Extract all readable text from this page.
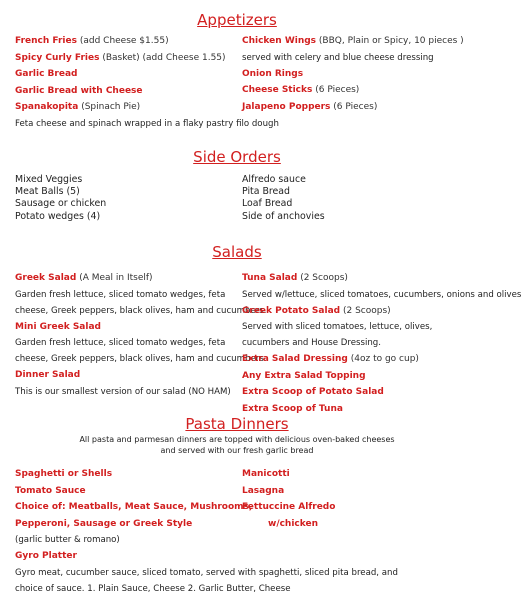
Appetizers
French Fries (add Cheese $1.55)
Spicy Curly Fries (Basket) (add Cheese 1.55)
Garlic Bread
Garlic Bread with Cheese
Spanakopita (Spinach Pie)
Feta cheese and spinach wrapped in a flaky pastry filo dough
Chicken Wings (BBQ, Plain or Spicy, 10 pieces )
served with celery and blue cheese dressing
Onion Rings
Cheese Sticks (6 Pieces)
Jalapeno Poppers (6 Pieces)
Side Orders
Mixed Veggies
Meat Balls (5)
Sausage or chicken
Potato wedges (4)
Alfredo sauce
Pita Bread
Loaf Bread
Side of anchovies
Salads
Greek Salad (A Meal in Itself)
Garden fresh lettuce, sliced tomato wedges, feta
cheese, Greek peppers, black olives, ham and cucumbers.
Mini Greek Salad
Garden fresh lettuce, sliced tomato wedges, feta
cheese, Greek peppers, black olives, ham and cucumbers.
Dinner Salad
This is our smallest version of our salad (NO HAM)
Tuna Salad (2 Scoops)
Served w/lettuce, sliced tomatoes, cucumbers, onions and olives
Greek Potato Salad (2 Scoops)
Served with sliced tomatoes, lettuce, olives,
cucumbers and House Dressing.
Extra Salad Dressing (4oz to go cup)
Any Extra Salad Topping
Extra Scoop of Potato Salad
Extra Scoop of Tuna
Pasta Dinners
All pasta and parmesan dinners are topped with delicious oven-baked cheeses
and served with our fresh garlic bread
Spaghetti or Shells
Tomato Sauce
Choice of: Meatballs, Meat Sauce, Mushrooms,
Pepperoni, Sausage or Greek Style
(garlic butter & romano)
Gyro Platter
Gyro meat, cucumber sauce, sliced tomato, served with spaghetti, sliced pita bread, and
choice of sauce. 1. Plain Sauce, Cheese 2. Garlic Butter, Cheese
Manicotti
Lasagna
Fettuccine Alfredo
w/chicken
